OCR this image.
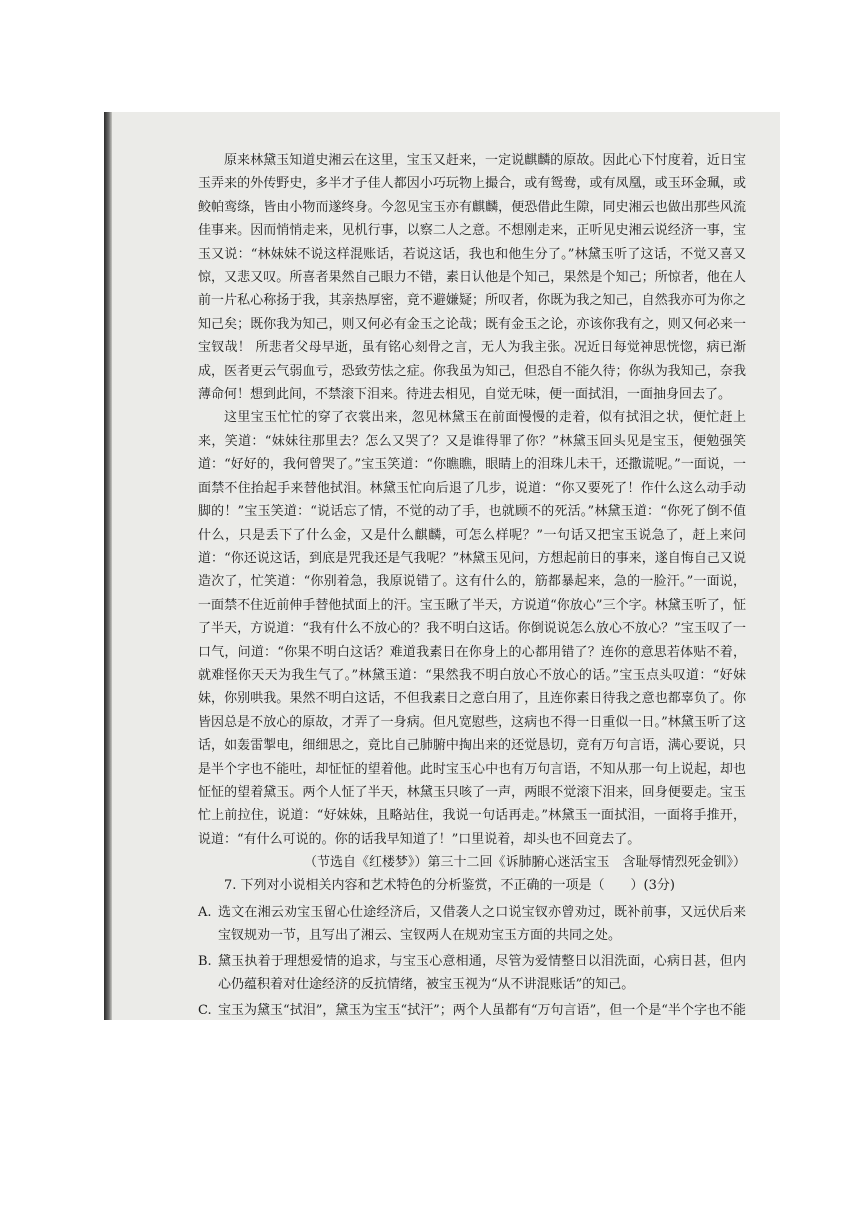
原来林黛玉知道史湘云在这里，宝玉又赶来，一定说麒麟的原故。因此心下忖度着，近日宝玉弄来的外传野史，多半才子佳人都因小巧玩物上撮合，或有鸳鸯，或有凤凰，或玉环金珮，或鲛帕鸾绦，皆由小物而遂终身。今忽见宝玉亦有麒麟，便恐借此生隙，同史湘云也做出那些风流佳事来。因而悄悄走来，见机行事，以察二人之意。不想刚走来，正听见史湘云说经济一事，宝玉又说：“林妹妹不说这样混账话，若说这话，我也和他生分了。”林黛玉听了这话，不觉又喜又惊，又悲又叹。所喜者果然自己眼力不错，素日认他是个知己，果然是个知己；所惊者，他在人前一片私心称扬于我，其亲热厚密，竟不避嫌疑；所叹者，你既为我之知己，自然我亦可为你之知己矣；既你我为知己，则又何必有金玉之论哉；既有金玉之论，亦该你我有之，则又何必来一宝钗哉！ 所悲者父母早逝，虽有铭心刻骨之言，无人为我主张。况近日每觉神思恍惚，病已渐成，医者更云气弱血亏，恐致劳怯之症。你我虽为知己，但恐自不能久待；你纵为我知己，奈我薄命何！想到此间，不禁滚下泪来。待进去相见，自觉无味，便一面拭泪，一面抽身回去了。

这里宝玉忙忙的穿了衣裳出来，忽见林黛玉在前面慢慢的走着，似有拭泪之状，便忙赶上来，笑道：“妹妹往那里去？怎么又哭了？又是谁得罪了你？”林黛玉回头见是宝玉，便勉强笑道：“好好的，我何曾哭了。”宝玉笑道：“你瞧瞧，眼睛上的泪珠儿未干，还撒谎呢。”一面说，一面禁不住抬起手来替他拭泪。林黛玉忙向后退了几步，说道：“你又要死了！作什么这么动手动脚的！”宝玉笑道：“说话忘了情，不觉的动了手，也就顾不的死活。”林黛玉道：“你死了倒不值什么，只是丢下了什么金，又是什么麒麟，可怎么样呢？”一句话又把宝玉说急了，赶上来问道：“你还说这话，到底是咒我还是气我呢？”林黛玉见问，方想起前日的事来，遂自悔自己又说造次了，忙笑道：“你别着急，我原说错了。这有什么的，筋都暴起来，急的一脸汗。”一面说，一面禁不住近前伸手替他拭面上的汗。宝玉瞅了半天，方说道“你放心”三个字。林黛玉听了，怔了半天，方说道：“我有什么不放心的？我不明白这话。你倒说说怎么放心不放心？”宝玉叹了一口气，问道：“你果不明白这话？难道我素日在你身上的心都用错了？连你的意思若体贴不着，就难怪你天天为我生气了。”林黛玉道：“果然我不明白放心不放心的话。”宝玉点头叹道：“好妹妹，你别哄我。果然不明白这话，不但我素日之意白用了，且连你素日待我之意也都辜负了。你皆因总是不放心的原故，才弄了一身病。但凡宽慰些，这病也不得一日重似一日。”林黛玉听了这话，如轰雷掣电，细细思之，竟比自己肺腑中掏出来的还觉恳切，竟有万句言语，满心要说，只是半个字也不能吐，却怔怔的望着他。此时宝玉心中也有万句言语，不知从那一句上说起，却也怔怔的望着黛玉。两个人怔了半天，林黛玉只咳了一声，两眼不觉滚下泪来，回身便要走。宝玉忙上前拉住，说道：“好妹妹，且略站住，我说一句话再走。”林黛玉一面拭泪，一面将手推开，说道：“有什么可说的。你的话我早知道了！”口里说着，却头也不回竟去了。

（节选自《红楼梦》）第三十二回《诉肺腑心迷活宝玉　含耻辱情烈死金钏》）

7. 下列对小说相关内容和艺术特色的分析鉴赏，不正确的一项是（　　）(3分)

A. 选文在湘云劝宝玉留心仕途经济后，又借袭人之口说宝钗亦曾劝过，既补前事，又远伏后来宝钗规劝一节，且写出了湘云、宝钗两人在规劝宝玉方面的共同之处。
B. 黛玉执着于理想爱情的追求，与宝玉心意相通，尽管为爱情整日以泪洗面，心病日甚，但内心仍蕴积着对仕途经济的反抗情绪，被宝玉视为“从不讲混账话”的知己。
C. 宝玉为黛玉“拭泪”，黛玉为宝玉“拭汗”；两个人虽都有“万句言语”，但一个是“半个字也不能
